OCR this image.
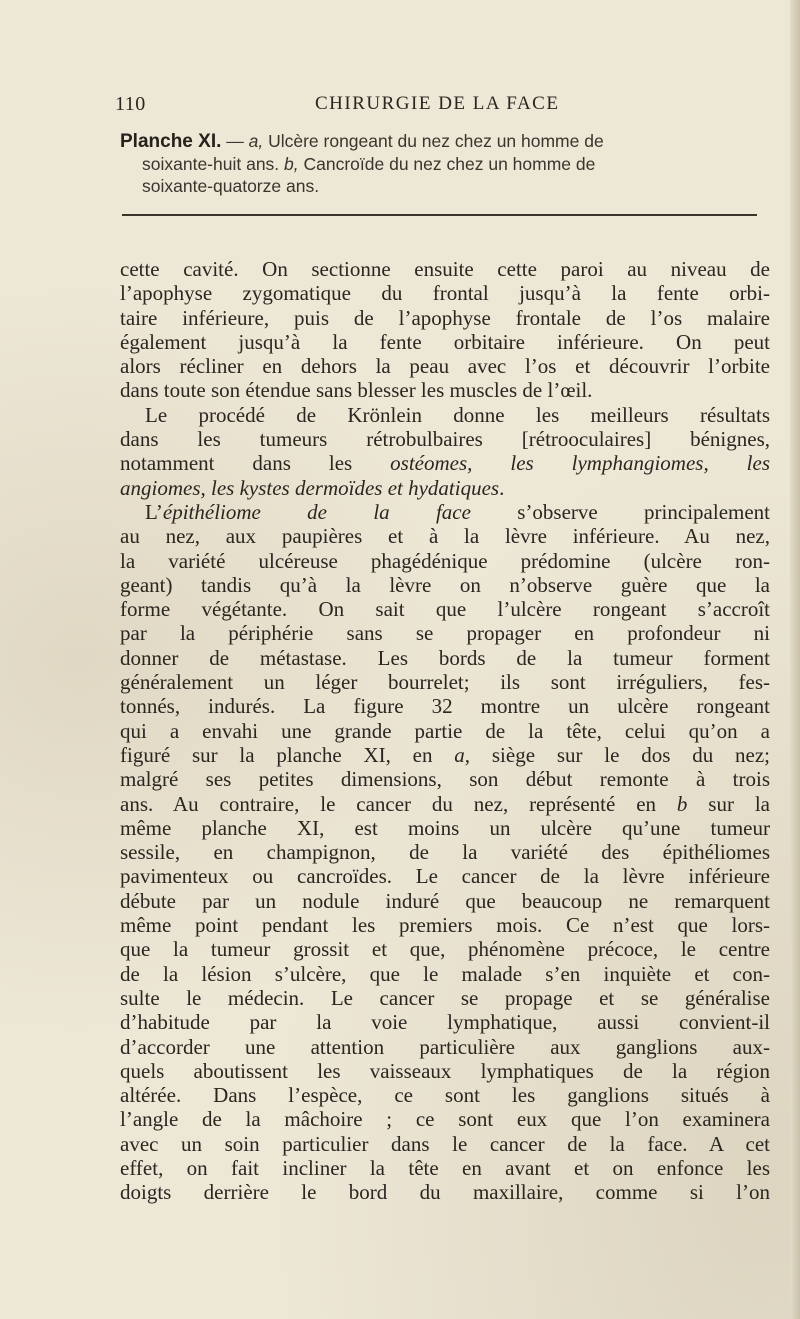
110	CHIRURGIE DE LA FACE
Planche XI. — a, Ulcère rongeant du nez chez un homme de
soixante-huit ans. b, Cancroïde du nez chez un homme de
soixante-quatorze ans.
cette cavité. On sectionne ensuite cette paroi au niveau de
l’apophyse zygomatique du frontal jusqu’à la fente orbi-
taire inférieure, puis de l’apophyse frontale de l’os malaire
également jusqu’à la fente orbitaire inférieure. On peut
alors récliner en dehors la peau avec l’os et découvrir l’orbite
dans toute son étendue sans blesser les muscles de l’œil.
Le procédé de Krönlein donne les meilleurs résultats
dans les tumeurs rétrobulbaires [rétrooculaires] bénignes,
notamment dans les ostéomes, les lymphangiomes, les
angiomes, les kystes dermoïdes et hydatiques.
L’épithéliome de la face s’observe principalement
au nez, aux paupières et à la lèvre inférieure. Au nez,
la variété ulcéreuse phagédénique prédomine (ulcère ron-
geant) tandis qu’à la lèvre on n’observe guère que la
forme végétante. On sait que l’ulcère rongeant s’accroît
par la périphérie sans se propager en profondeur ni
donner de métastase. Les bords de la tumeur forment
généralement un léger bourrelet; ils sont irréguliers, fes-
tonnés, indurés. La figure 32 montre un ulcère rongeant
qui a envahi une grande partie de la tête, celui qu’on a
figuré sur la planche XI, en a, siège sur le dos du nez;
malgré ses petites dimensions, son début remonte à trois
ans. Au contraire, le cancer du nez, représenté en b sur la
même planche XI, est moins un ulcère qu’une tumeur
sessile, en champignon, de la variété des épithéliomes
pavimenteux ou cancroïdes. Le cancer de la lèvre inférieure
débute par un nodule induré que beaucoup ne remarquent
même point pendant les premiers mois. Ce n’est que lors-
que la tumeur grossit et que, phénomène précoce, le centre
de la lésion s’ulcère, que le malade s’en inquiète et con-
sulte le médecin. Le cancer se propage et se généralise
d’habitude par la voie lymphatique, aussi convient-il
d’accorder une attention particulière aux ganglions aux-
quels aboutissent les vaisseaux lymphatiques de la région
altérée. Dans l’espèce, ce sont les ganglions situés à
l’angle de la mâchoire ; ce sont eux que l’on examinera
avec un soin particulier dans le cancer de la face. A cet
effet, on fait incliner la tête en avant et on enfonce les
doigts derrière le bord du maxillaire, comme si l’on
